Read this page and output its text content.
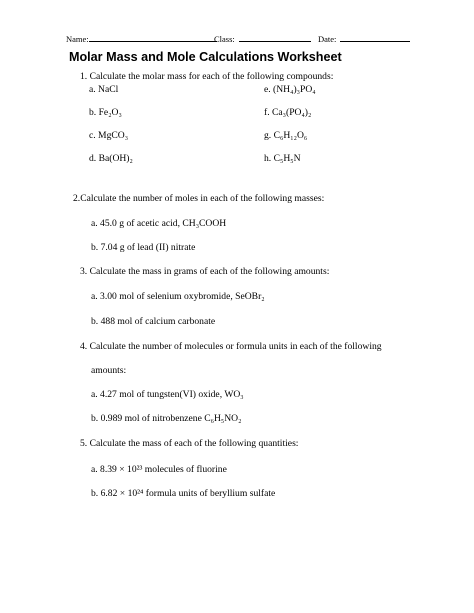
Name:	Class:	Date:
Molar Mass and Mole Calculations Worksheet
1. Calculate the molar mass for each of the following compounds:
a. NaCl	e. (NH₄)₃PO₄
b. Fe₂O₃	f. Ca₃(PO₄)₂
c. MgCO₃	g. C₆H₁₂O₆
d. Ba(OH)₂	h. C₅H₅N
2.Calculate the number of moles in each of the following masses:
a. 45.0 g of acetic acid, CH₃COOH
b. 7.04 g of lead (II) nitrate
3. Calculate the mass in grams of each of the following amounts:
a. 3.00 mol of selenium oxybromide, SeOBr₂
b. 488 mol of calcium carbonate
4. Calculate the number of molecules or formula units in each of the following
amounts:
a. 4.27 mol of tungsten(VI) oxide, WO₃
b. 0.989 mol of nitrobenzene C₆H₅NO₂
5. Calculate the mass of each of the following quantities:
a. 8.39 × 10²³ molecules of fluorine
b. 6.82 × 10²⁴ formula units of beryllium sulfate
